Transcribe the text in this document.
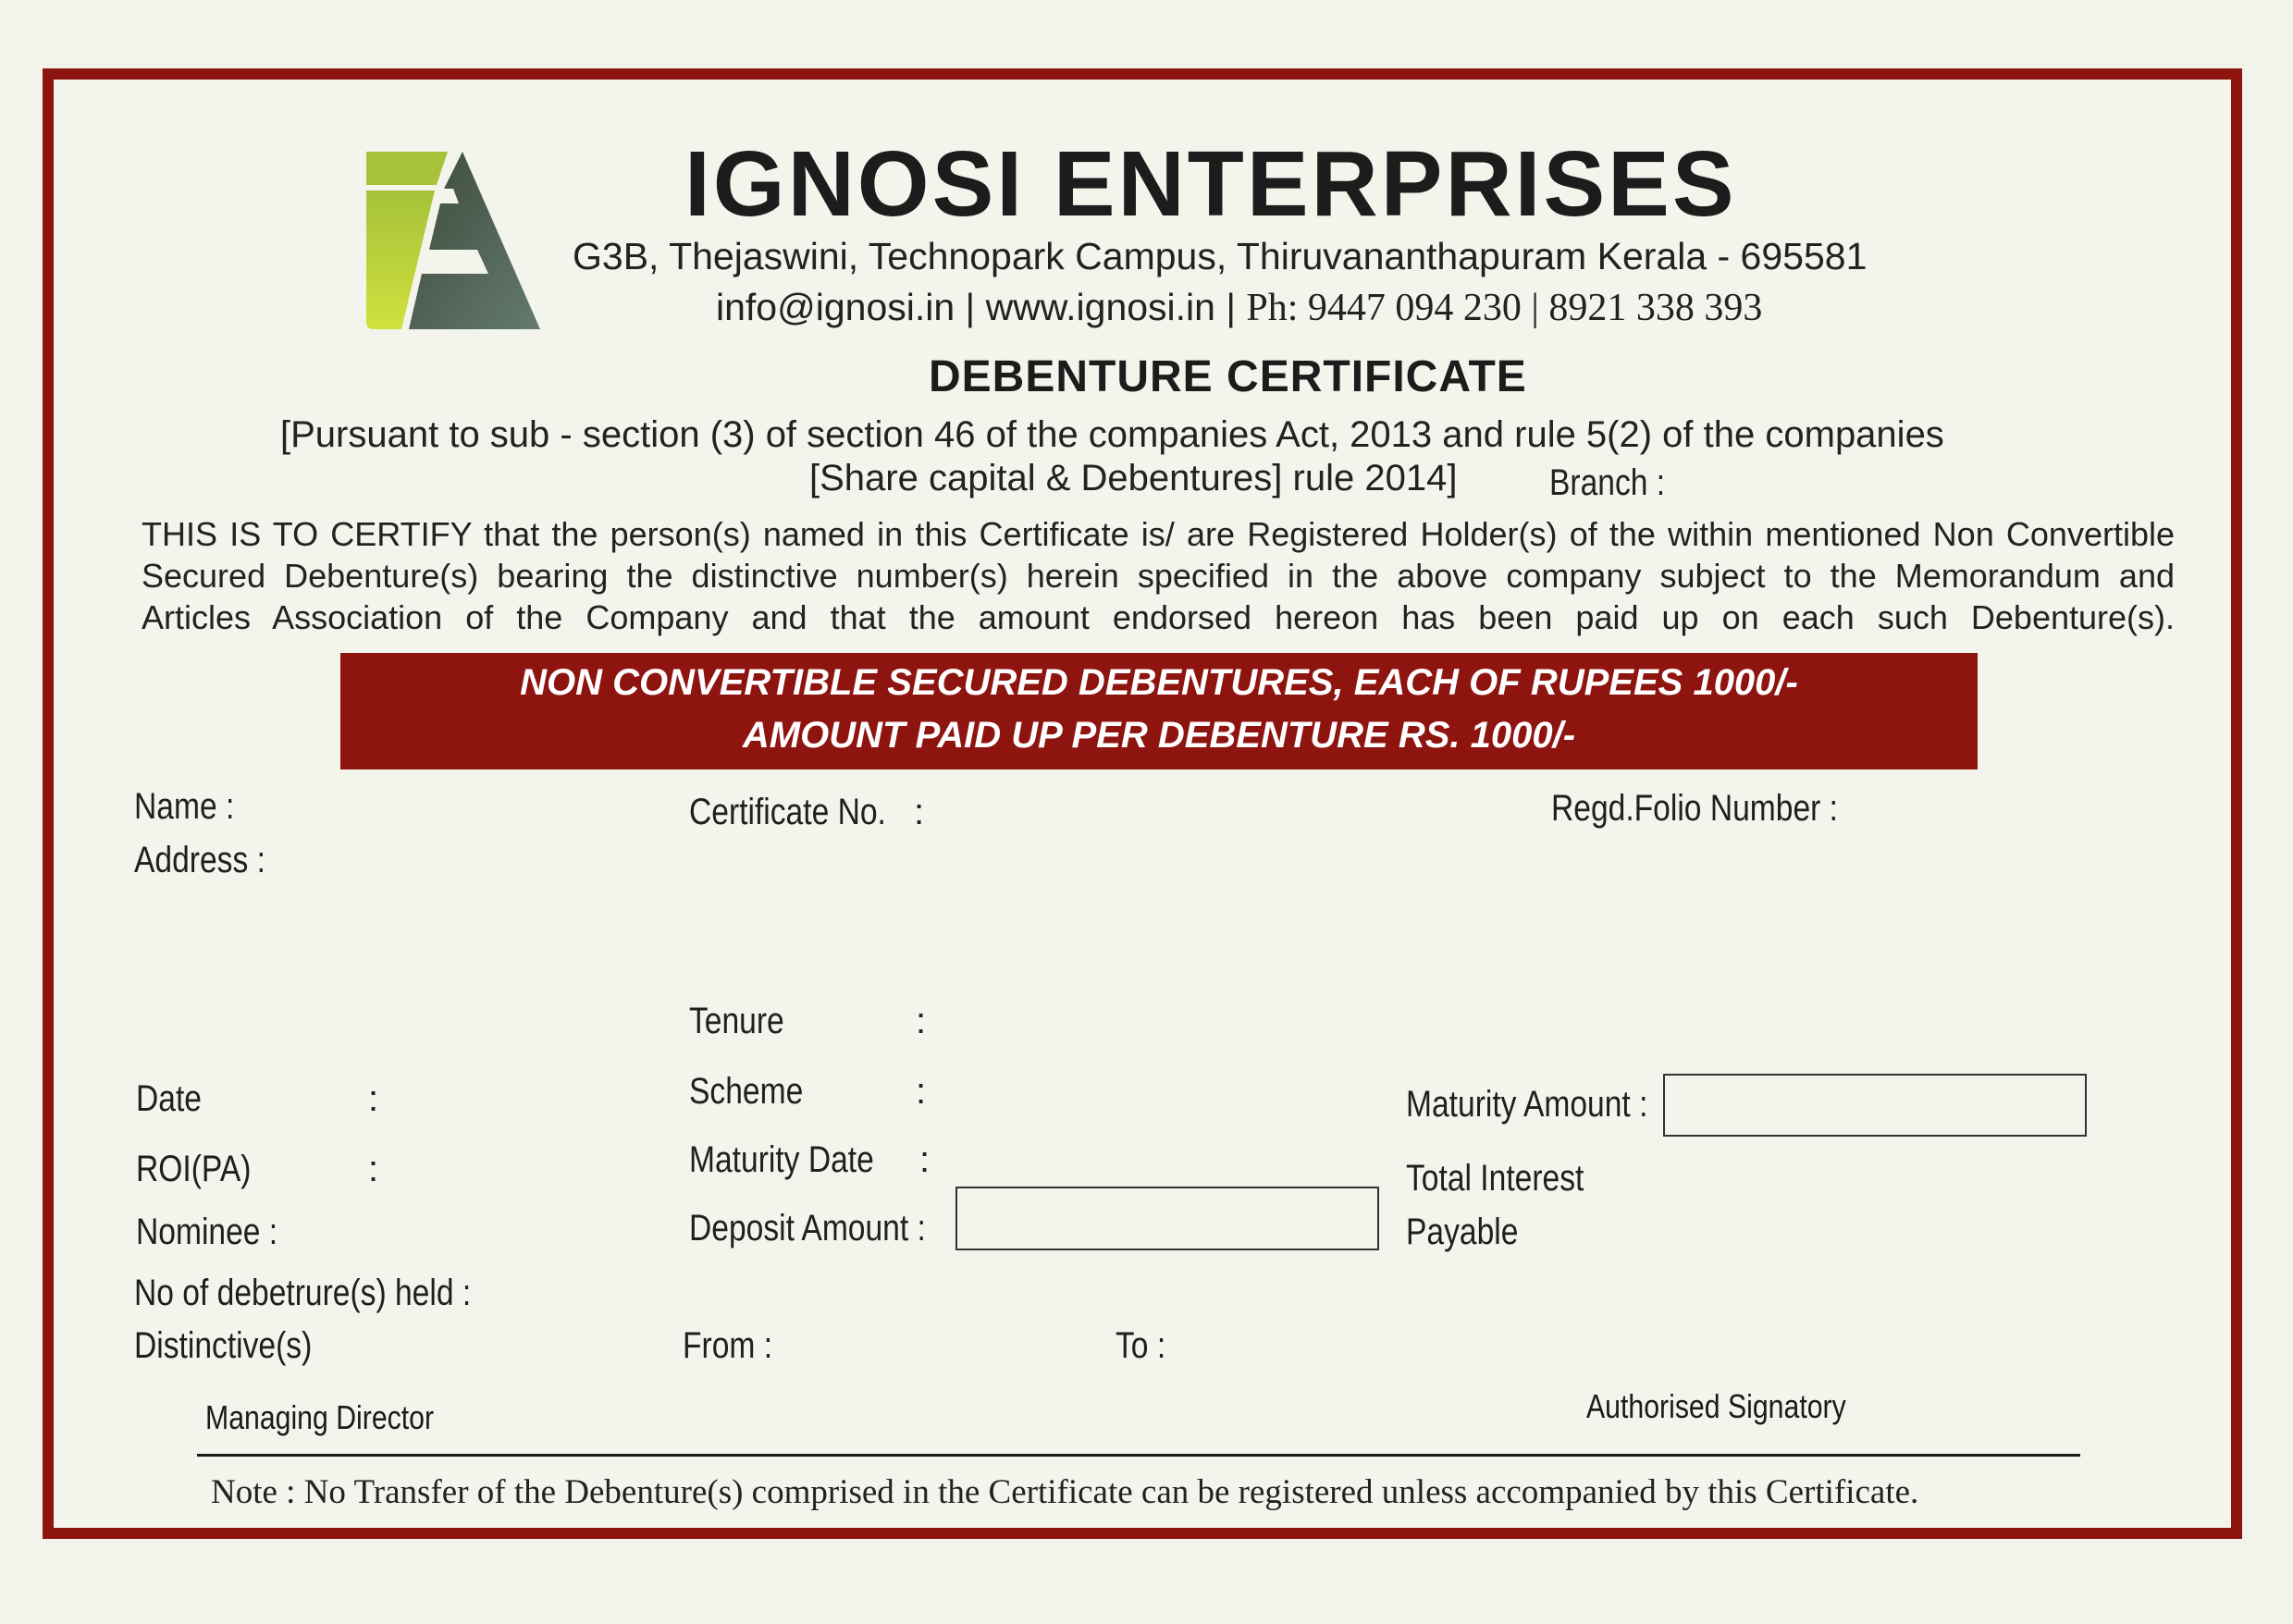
IGNOSI ENTERPRISES
G3B, Thejaswini, Technopark Campus, Thiruvananthapuram Kerala - 695581
info@ignosi.in | www.ignosi.in | Ph: 9447 094 230 | 8921 338 393
DEBENTURE CERTIFICATE
[Pursuant to sub - section (3) of section 46 of the companies Act, 2013 and rule 5(2) of the companies
[Share capital & Debentures] rule 2014] Branch :
THIS IS TO CERTIFY that the person(s) named in this Certificate is/ are Registered Holder(s) of the within mentioned Non Convertible
Secured Debenture(s) bearing the distinctive number(s) herein specified in the above company subject to the Memorandum and
Articles Association of the Company and that the amount endorsed hereon has been paid up on each such Debenture(s).
NON CONVERTIBLE SECURED DEBENTURES, EACH OF RUPEES 1000/-
AMOUNT PAID UP PER DEBENTURE RS. 1000/-
Name :
Address :
Date	:
ROI(PA)	:
Nominee :
No of debetrure(s) held :
Distinctive(s)
Certificate No. :
Tenure	:
Scheme	:
Maturity Date	:
Deposit Amount :
From :	To :
Regd.Folio Number :
Maturity Amount :
Total Interest
Payable
Managing Director	Authorised Signatory
Note : No Transfer of the Debenture(s) comprised in the Certificate can be registered unless accompanied by this Certificate.
